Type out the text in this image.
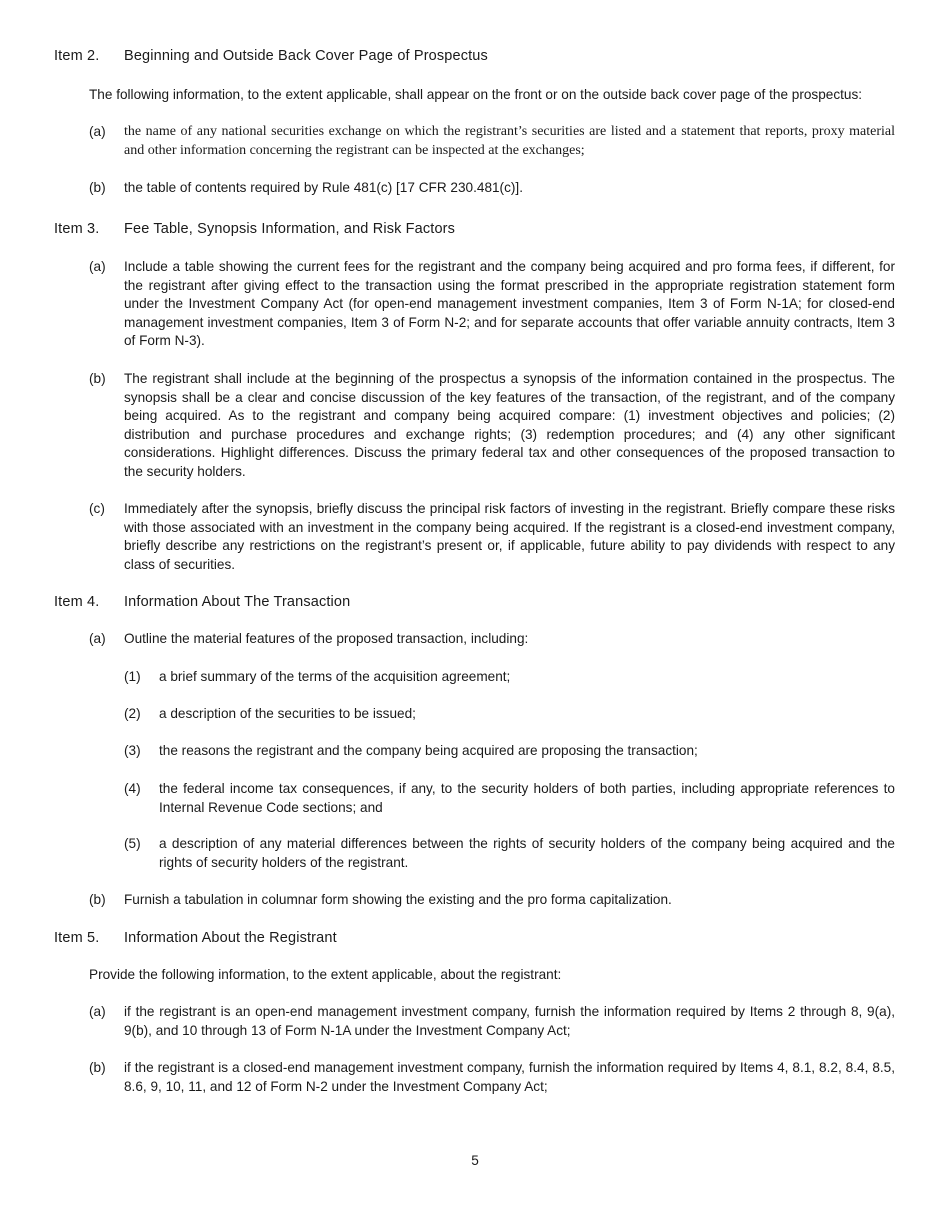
Item 2. Beginning and Outside Back Cover Page of Prospectus
The following information, to the extent applicable, shall appear on the front or on the outside back cover page of the prospectus:
(a) the name of any national securities exchange on which the registrant’s securities are listed and a statement that reports, proxy material and other information concerning the registrant can be inspected at the exchanges;
(b) the table of contents required by Rule 481(c) [17 CFR 230.481(c)].
Item 3. Fee Table, Synopsis Information, and Risk Factors
(a) Include a table showing the current fees for the registrant and the company being acquired and pro forma fees, if different, for the registrant after giving effect to the transaction using the format prescribed in the appropriate registration statement form under the Investment Company Act (for open-end management investment companies, Item 3 of Form N-1A; for closed-end management investment companies, Item 3 of Form N-2; and for separate accounts that offer variable annuity contracts, Item 3 of Form N-3).
(b) The registrant shall include at the beginning of the prospectus a synopsis of the information contained in the prospectus. The synopsis shall be a clear and concise discussion of the key features of the transaction, of the registrant, and of the company being acquired. As to the registrant and company being acquired compare: (1) investment objectives and policies; (2) distribution and purchase procedures and exchange rights; (3) redemption procedures; and (4) any other significant considerations. Highlight differences. Discuss the primary federal tax and other consequences of the proposed transaction to the security holders.
(c) Immediately after the synopsis, briefly discuss the principal risk factors of investing in the registrant. Briefly compare these risks with those associated with an investment in the company being acquired. If the registrant is a closed-end investment company, briefly describe any restrictions on the registrant’s present or, if applicable, future ability to pay dividends with respect to any class of securities.
Item 4. Information About The Transaction
(a) Outline the material features of the proposed transaction, including:
(1) a brief summary of the terms of the acquisition agreement;
(2) a description of the securities to be issued;
(3) the reasons the registrant and the company being acquired are proposing the transaction;
(4) the federal income tax consequences, if any, to the security holders of both parties, including appropriate references to Internal Revenue Code sections; and
(5) a description of any material differences between the rights of security holders of the company being acquired and the rights of security holders of the registrant.
(b) Furnish a tabulation in columnar form showing the existing and the pro forma capitalization.
Item 5. Information About the Registrant
Provide the following information, to the extent applicable, about the registrant:
(a) if the registrant is an open-end management investment company, furnish the information required by Items 2 through 8, 9(a), 9(b), and 10 through 13 of Form N-1A under the Investment Company Act;
(b) if the registrant is a closed-end management investment company, furnish the information required by Items 4, 8.1, 8.2, 8.4, 8.5, 8.6, 9, 10, 11, and 12 of Form N-2 under the Investment Company Act;
5
